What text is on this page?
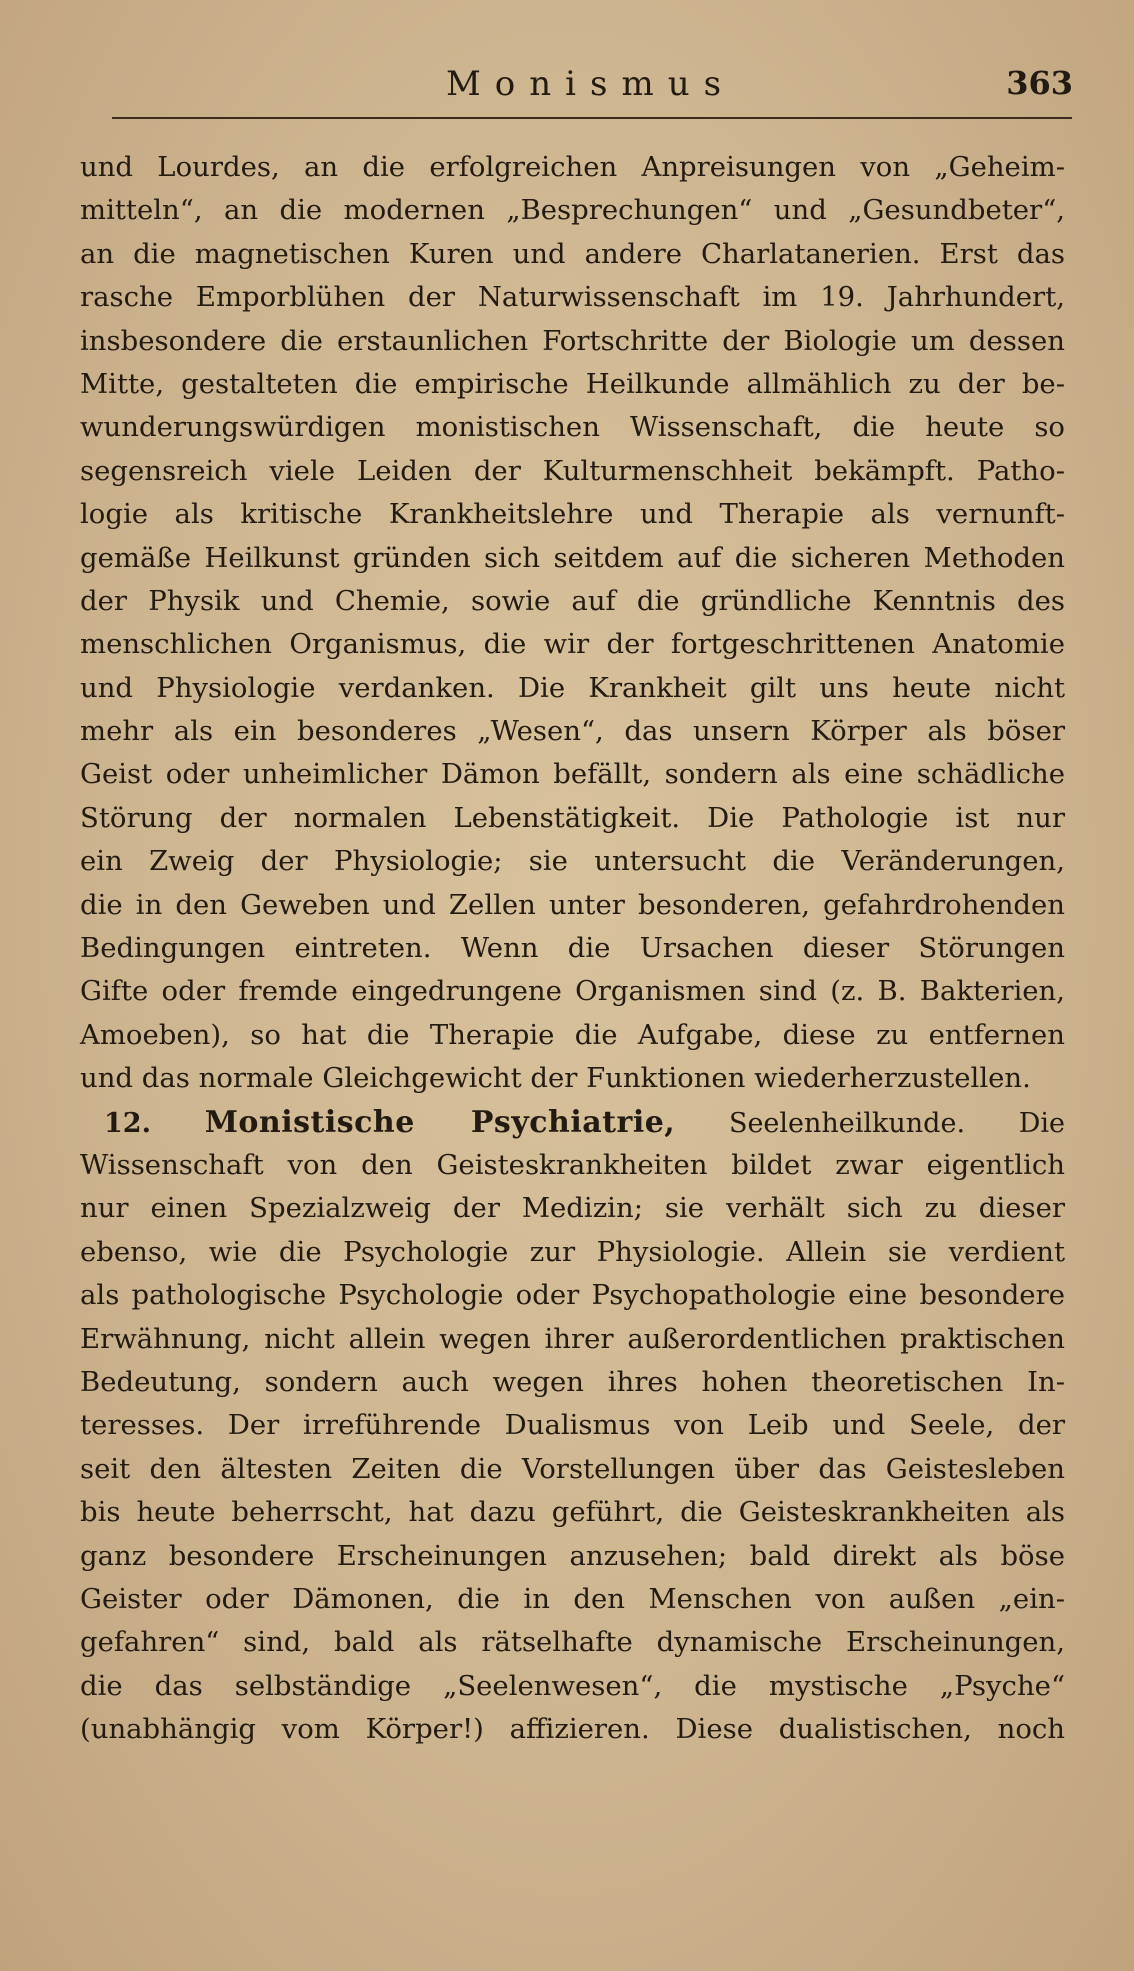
Monismus	363
und Lourdes, an die erfolgreichen Anpreisungen von „Geheim-
mitteln“, an die modernen „Besprechungen“ und „Gesundbeter“,
an die magnetischen Kuren und andere Charlatanerien. Erst das
rasche Emporblühen der Naturwissenschaft im 19. Jahrhundert,
insbesondere die erstaunlichen Fortschritte der Biologie um dessen
Mitte, gestalteten die empirische Heilkunde allmählich zu der be-
wunderungswürdigen monistischen Wissenschaft, die heute so
segensreich viele Leiden der Kulturmenschheit bekämpft. Patho-
logie als kritische Krankheitslehre und Therapie als vernunft-
gemäße Heilkunst gründen sich seitdem auf die sicheren Methoden
der Physik und Chemie, sowie auf die gründliche Kenntnis des
menschlichen Organismus, die wir der fortgeschrittenen Anatomie
und Physiologie verdanken. Die Krankheit gilt uns heute nicht
mehr als ein besonderes „Wesen“, das unsern Körper als böser
Geist oder unheimlicher Dämon befällt, sondern als eine schädliche
Störung der normalen Lebenstätigkeit. Die Pathologie ist nur
ein Zweig der Physiologie; sie untersucht die Veränderungen,
die in den Geweben und Zellen unter besonderen, gefahrdrohenden
Bedingungen eintreten. Wenn die Ursachen dieser Störungen
Gifte oder fremde eingedrungene Organismen sind (z. B. Bakterien,
Amoeben), so hat die Therapie die Aufgabe, diese zu entfernen
und das normale Gleichgewicht der Funktionen wiederherzustellen.
12. Monistische Psychiatrie, Seelenheilkunde. Die
Wissenschaft von den Geisteskrankheiten bildet zwar eigentlich
nur einen Spezialzweig der Medizin; sie verhält sich zu dieser
ebenso, wie die Psychologie zur Physiologie. Allein sie verdient
als pathologische Psychologie oder Psychopathologie eine besondere
Erwähnung, nicht allein wegen ihrer außerordentlichen praktischen
Bedeutung, sondern auch wegen ihres hohen theoretischen In-
teresses. Der irreführende Dualismus von Leib und Seele, der
seit den ältesten Zeiten die Vorstellungen über das Geistesleben
bis heute beherrscht, hat dazu geführt, die Geisteskrankheiten als
ganz besondere Erscheinungen anzusehen; bald direkt als böse
Geister oder Dämonen, die in den Menschen von außen „ein-
gefahren“ sind, bald als rätselhafte dynamische Erscheinungen,
die das selbständige „Seelenwesen“, die mystische „Psyche“
(unabhängig vom Körper!) affizieren. Diese dualistischen, noch
